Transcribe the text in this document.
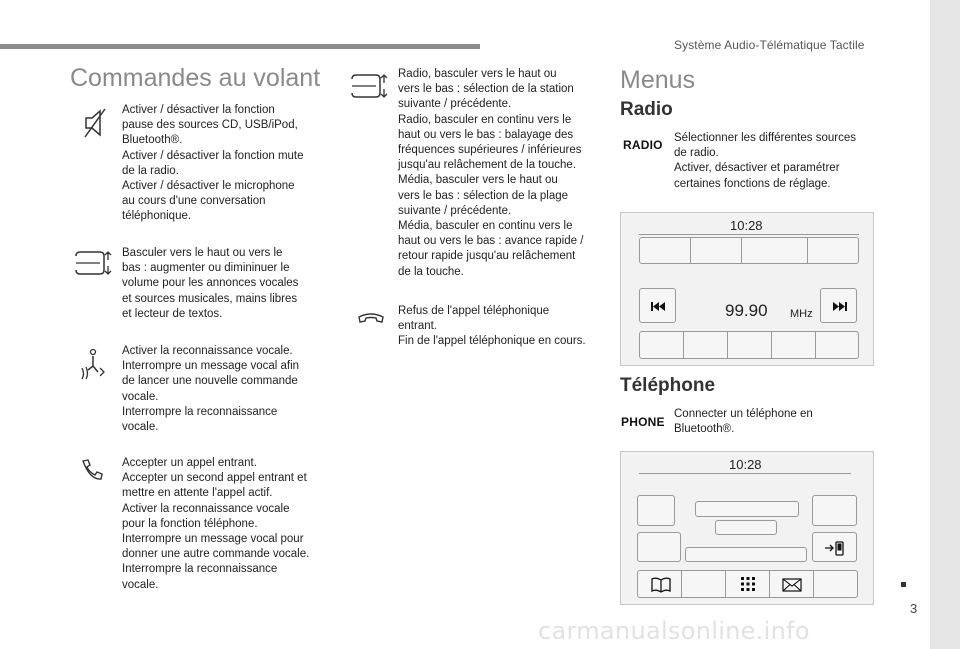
Système Audio-Télématique Tactile
Commandes au volant

Activer / désactiver la fonction

pause des sources CD, USB/iPod,

Bluetooth®.

Activer / désactiver la fonction mute

de la radio.

Activer / désactiver le microphone

au cours d'une conversation

téléphonique.

Basculer vers le haut ou vers le

bas : augmenter ou dimininuer le

volume pour les annonces vocales

et sources musicales, mains libres

et lecteur de textos.

Activer la reconnaissance vocale.

Interrompre un message vocal afin

de lancer une nouvelle commande

vocale.

Interrompre la reconnaissance

vocale.

Accepter un appel entrant.

Accepter un second appel entrant et

mettre en attente l'appel actif.

Activer la reconnaissance vocale

pour la fonction téléphone.

Interrompre un message vocal pour

donner une autre commande vocale.

Interrompre la reconnaissance

vocale.

Radio, basculer vers le haut ou

vers le bas : sélection de la station

suivante / précédente.

Radio, basculer en continu vers le

haut ou vers le bas : balayage des

fréquences supérieures / inférieures

jusqu'au relâchement de la touche.

Média, basculer vers le haut ou

vers le bas : sélection de la plage

suivante / précédente.

Média, basculer en continu vers le

haut ou vers le bas : avance rapide /

retour rapide jusqu'au relâchement

de la touche.

Refus de l'appel téléphonique

entrant.

Fin de l'appel téléphonique en cours.

Menus
Radio
RADIO Sélectionner les différentes sources

de radio.

Activer, désactiver et paramétrer

certaines fonctions de réglage.

10:28
99.90 MHz
Téléphone
PHONE

Connecter un téléphone en

Bluetooth®.

10:28
3
carmanualsonline.info
